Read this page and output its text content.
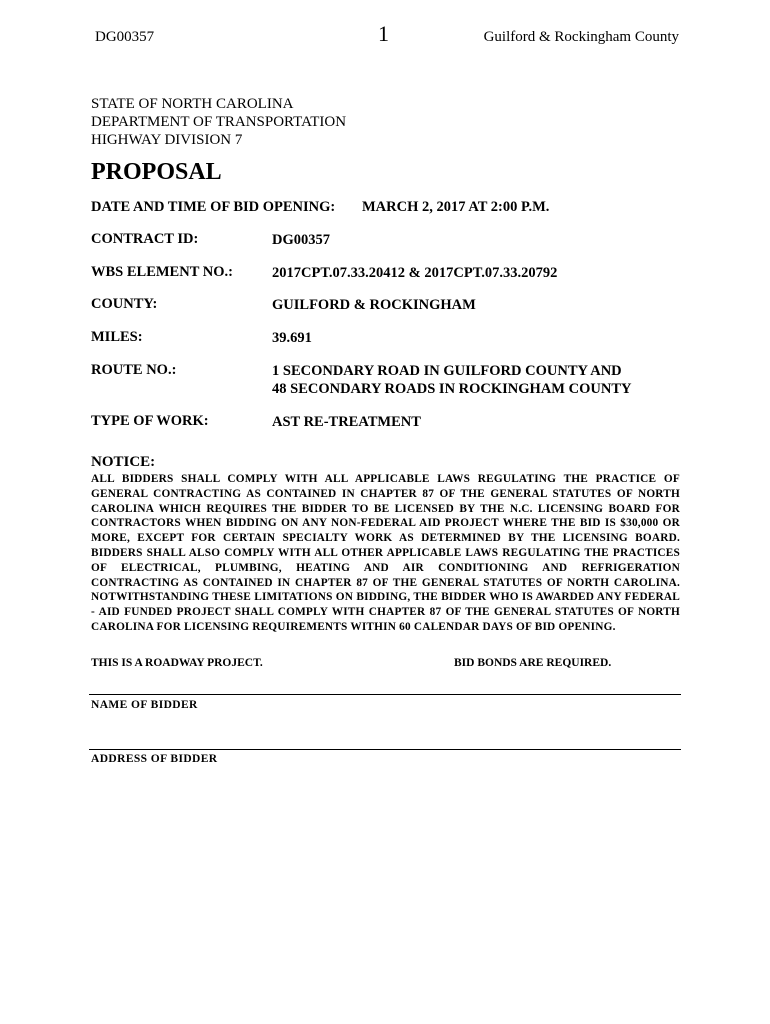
DG00357	1	Guilford & Rockingham County
STATE OF NORTH CAROLINA
DEPARTMENT OF TRANSPORTATION
HIGHWAY DIVISION 7
PROPOSAL
DATE AND TIME OF BID OPENING: MARCH 2, 2017 AT 2:00 P.M.
CONTRACT ID:	DG00357
WBS ELEMENT NO.:	2017CPT.07.33.20412 & 2017CPT.07.33.20792
COUNTY:	GUILFORD & ROCKINGHAM
MILES:	39.691
ROUTE NO.:	1 SECONDARY ROAD IN GUILFORD COUNTY AND
48 SECONDARY ROADS IN ROCKINGHAM COUNTY
TYPE OF WORK:	AST RE-TREATMENT
NOTICE:
ALL BIDDERS SHALL COMPLY WITH ALL APPLICABLE LAWS REGULATING THE PRACTICE OF GENERAL CONTRACTING AS CONTAINED IN CHAPTER 87 OF THE GENERAL STATUTES OF NORTH CAROLINA WHICH REQUIRES THE BIDDER TO BE LICENSED BY THE N.C. LICENSING BOARD FOR CONTRACTORS WHEN BIDDING ON ANY NON-FEDERAL AID PROJECT WHERE THE BID IS $30,000 OR MORE, EXCEPT FOR CERTAIN SPECIALTY WORK AS DETERMINED BY THE LICENSING BOARD. BIDDERS SHALL ALSO COMPLY WITH ALL OTHER APPLICABLE LAWS REGULATING THE PRACTICES OF ELECTRICAL, PLUMBING, HEATING AND AIR CONDITIONING AND REFRIGERATION CONTRACTING AS CONTAINED IN CHAPTER 87 OF THE GENERAL STATUTES OF NORTH CAROLINA. NOTWITHSTANDING THESE LIMITATIONS ON BIDDING, THE BIDDER WHO IS AWARDED ANY FEDERAL - AID FUNDED PROJECT SHALL COMPLY WITH CHAPTER 87 OF THE GENERAL STATUTES OF NORTH CAROLINA FOR LICENSING REQUIREMENTS WITHIN 60 CALENDAR DAYS OF BID OPENING.
THIS IS A ROADWAY PROJECT.	BID BONDS ARE REQUIRED.
NAME OF BIDDER
ADDRESS OF BIDDER
